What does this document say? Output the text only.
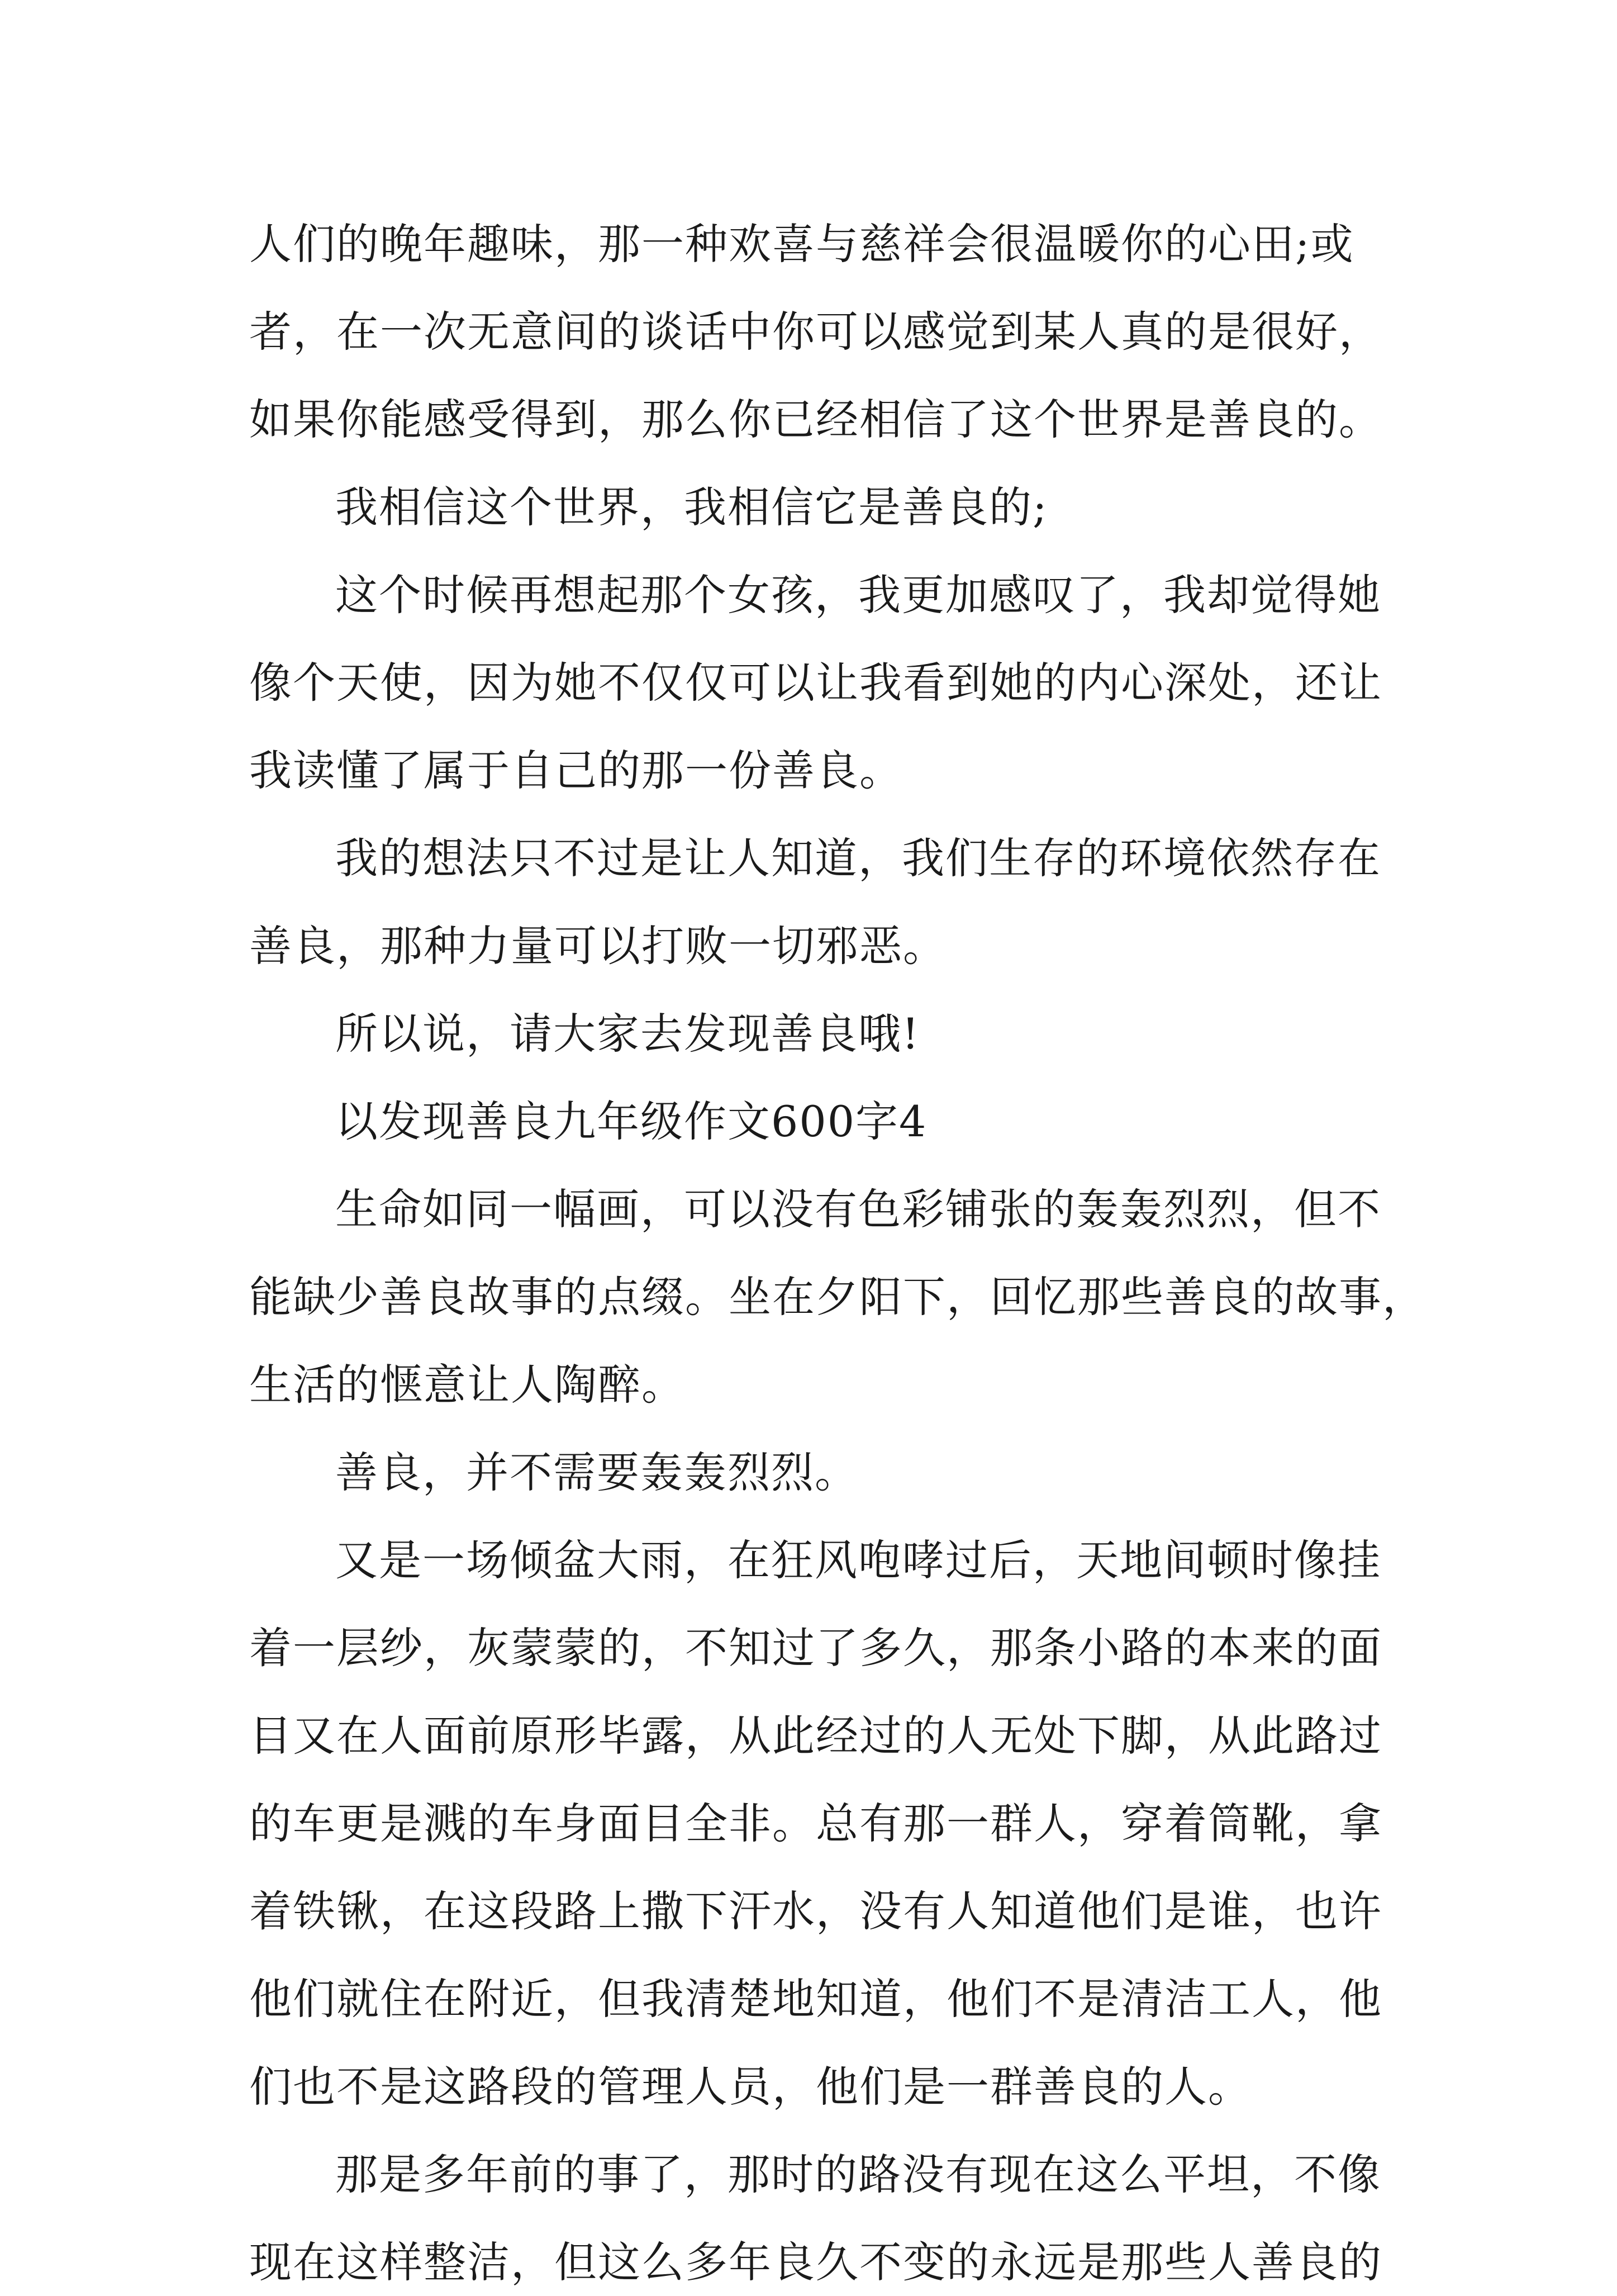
人们的晚年趣味，那一种欢喜与慈祥会很温暖你的心田;或
者，在一次无意间的谈话中你可以感觉到某人真的是很好，
如果你能感受得到，那么你已经相信了这个世界是善良的。
我相信这个世界，我相信它是善良的;
这个时候再想起那个女孩，我更加感叹了，我却觉得她
像个天使，因为她不仅仅可以让我看到她的内心深处，还让
我读懂了属于自己的那一份善良。
我的想法只不过是让人知道，我们生存的环境依然存在
善良，那种力量可以打败一切邪恶。
所以说，请大家去发现善良哦!
以发现善良九年级作文600字4
生命如同一幅画，可以没有色彩铺张的轰轰烈烈，但不
能缺少善良故事的点缀。坐在夕阳下，回忆那些善良的故事，
生活的惬意让人陶醉。
善良，并不需要轰轰烈烈。
又是一场倾盆大雨，在狂风咆哮过后，天地间顿时像挂
着一层纱，灰蒙蒙的，不知过了多久，那条小路的本来的面
目又在人面前原形毕露，从此经过的人无处下脚，从此路过
的车更是溅的车身面目全非。总有那一群人，穿着筒靴，拿
着铁锹，在这段路上撒下汗水，没有人知道他们是谁，也许
他们就住在附近，但我清楚地知道，他们不是清洁工人，他
们也不是这路段的管理人员，他们是一群善良的人。
那是多年前的事了，那时的路没有现在这么平坦，不像
现在这样整洁，但这么多年良久不变的永远是那些人善良的
